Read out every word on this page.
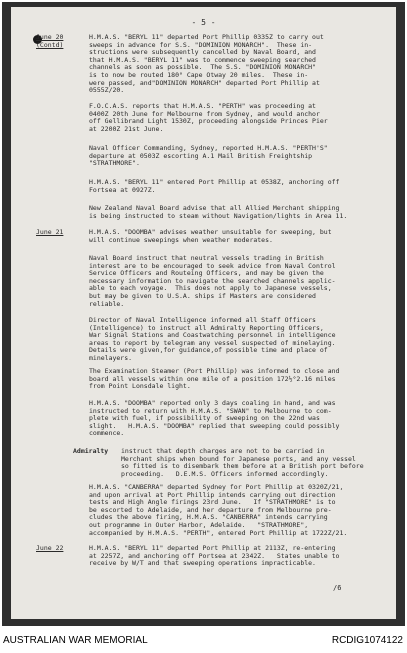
- 5 -
June 20 (Contd)
H.M.A.S. "BERYL 11" departed Port Phillip 0335Z to carry out
sweeps in advance for S.S. "DOMINION MONARCH".  These in-
structions were subsequently cancelled by Naval Board, and
that H.M.A.S. "BERYL 11" was to commence sweeping searched
channels as soon as possible.  The S.S. "DOMINION MONARCH"
is to now be routed 180° Cape Otway 20 miles.  These in-
were passed, and"DOMINION MONARCH" departed Port Phillip at
0555Z/20.
F.O.C.A.S. reports that H.M.A.S. "PERTH" was proceeding at
0400Z 20th June for Melbourne from Sydney, and would anchor
off Gellibrand Light 1530Z, proceeding alongside Princes Pier
at 2200Z 21st June.
Naval Officer Commanding, Sydney, reported H.M.A.S. "PERTH'S"
departure at 0503Z escorting A.1 Mail British Freightship
"STRATHMORE".
H.M.A.S. "BERYL 11" entered Port Phillip at 0538Z, anchoring off
Fortsea at 0927Z.
New Zealand Naval Board advise that all Allied Merchant shipping
is being instructed to steam without Navigation/lights in Area 11.
June 21	H.M.A.S. "DOOMBA" advises weather unsuitable for sweeping, but
will continue sweepings when weather moderates.
Naval Board instruct that neutral vessels trading in British
interest are to be encouraged to seek advice from Naval Control
Service Officers and Routeing Officers, and may be given the
necessary information to navigate the searched channels applic-
able to each voyage.  This does not apply to Japanese vessels,
but may be given to U.S.A. ships if Masters are considered
reliable.
Director of Naval Intelligence informed all Staff Officers
(Intelligence) to instruct all Admiralty Reporting Officers,
War Signal Stations and Coastwatching personnel in intelligence
areas to report by telegram any vessel suspected of minelaying.
Details were given,for guidance,of possible time and place of
minelayers.
The Examination Steamer (Port Phillip) was informed to close and
board all vessels within one mile of a position 172½°2.16 miles
from Point Lonsdale light.
H.M.A.S. "DOOMBA" reported only 3 days coaling in hand, and was
instructed to return with H.M.A.S. "SWAN" to Melbourne to com-
plete with fuel, if possibility of sweeping on the 22nd was
slight.   H.M.A.S. "DOOMBA" replied that sweeping could possibly
commence.
Admiralty instruct that depth charges are not to be carried in
Merchant ships when bound for Japanese ports, and any vessel
so fitted is to disembark them before at a British port before
proceeding.   D.E.M.S. Officers informed accordingly.
H.M.A.S. "CANBERRA" departed Sydney for Port Phillip at 0320Z/21,
and upon arrival at Port Phillip intends carrying out direction
tests and High Angle firings 23rd June.   If "STRATHMORE" is to
be escorted to Adelaide, and her departure from Melbourne pre-
cludes the above firing, H.M.A.S. "CANBERRA" intends carrying
out programme in Outer Harbor, Adelaide.   "STRATHMORE",
accompanied by H.M.A.S. "PERTH", entered Port Phillip at 1722Z/21.
June 22	H.M.A.S. "BERYL 11" departed Port Phillip at 2113Z, re-entering
at 2257Z, and anchoring off Portsea at 2342Z.   States unable to
receive by W/T and that sweeping operations impracticable.
/6
AUSTRALIAN WAR MEMORIAL	RCDIG1074122
